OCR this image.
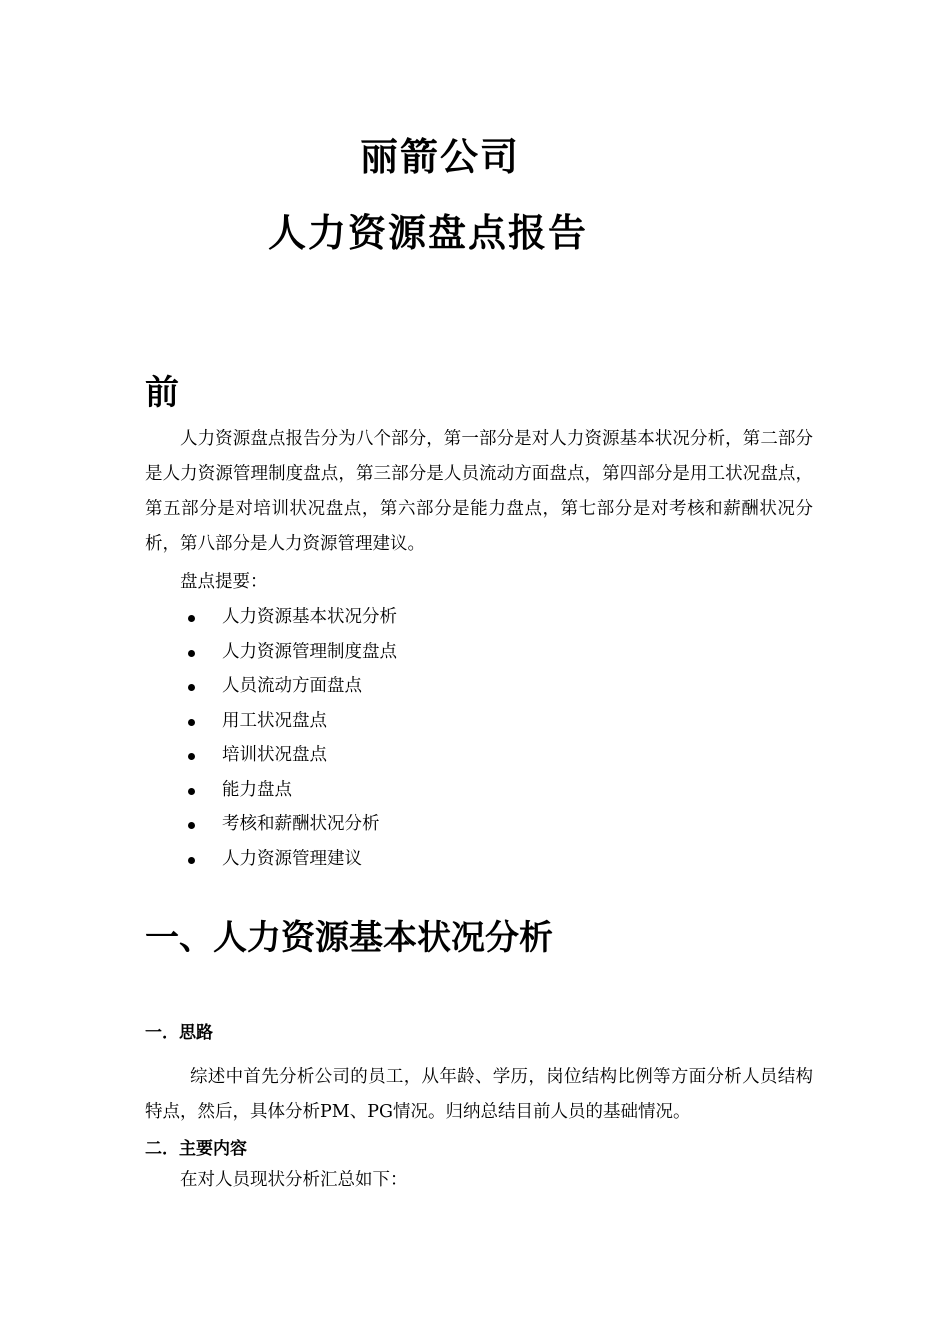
丽箭公司
人力资源盘点报告
前
人力资源盘点报告分为八个部分，第一部分是对人力资源基本状况分析，第二部分是人力资源管理制度盘点，第三部分是人员流动方面盘点，第四部分是用工状况盘点，第五部分是对培训状况盘点，第六部分是能力盘点，第七部分是对考核和薪酬状况分析，第八部分是人力资源管理建议。
盘点提要：
人力资源基本状况分析
人力资源管理制度盘点
人员流动方面盘点
用工状况盘点
培训状况盘点
能力盘点
考核和薪酬状况分析
人力资源管理建议
一、人力资源基本状况分析
一．思路
综述中首先分析公司的员工，从年龄、学历，岗位结构比例等方面分析人员结构特点，然后，具体分析PM、PG情况。归纳总结目前人员的基础情况。
二．主要内容
在对人员现状分析汇总如下：
